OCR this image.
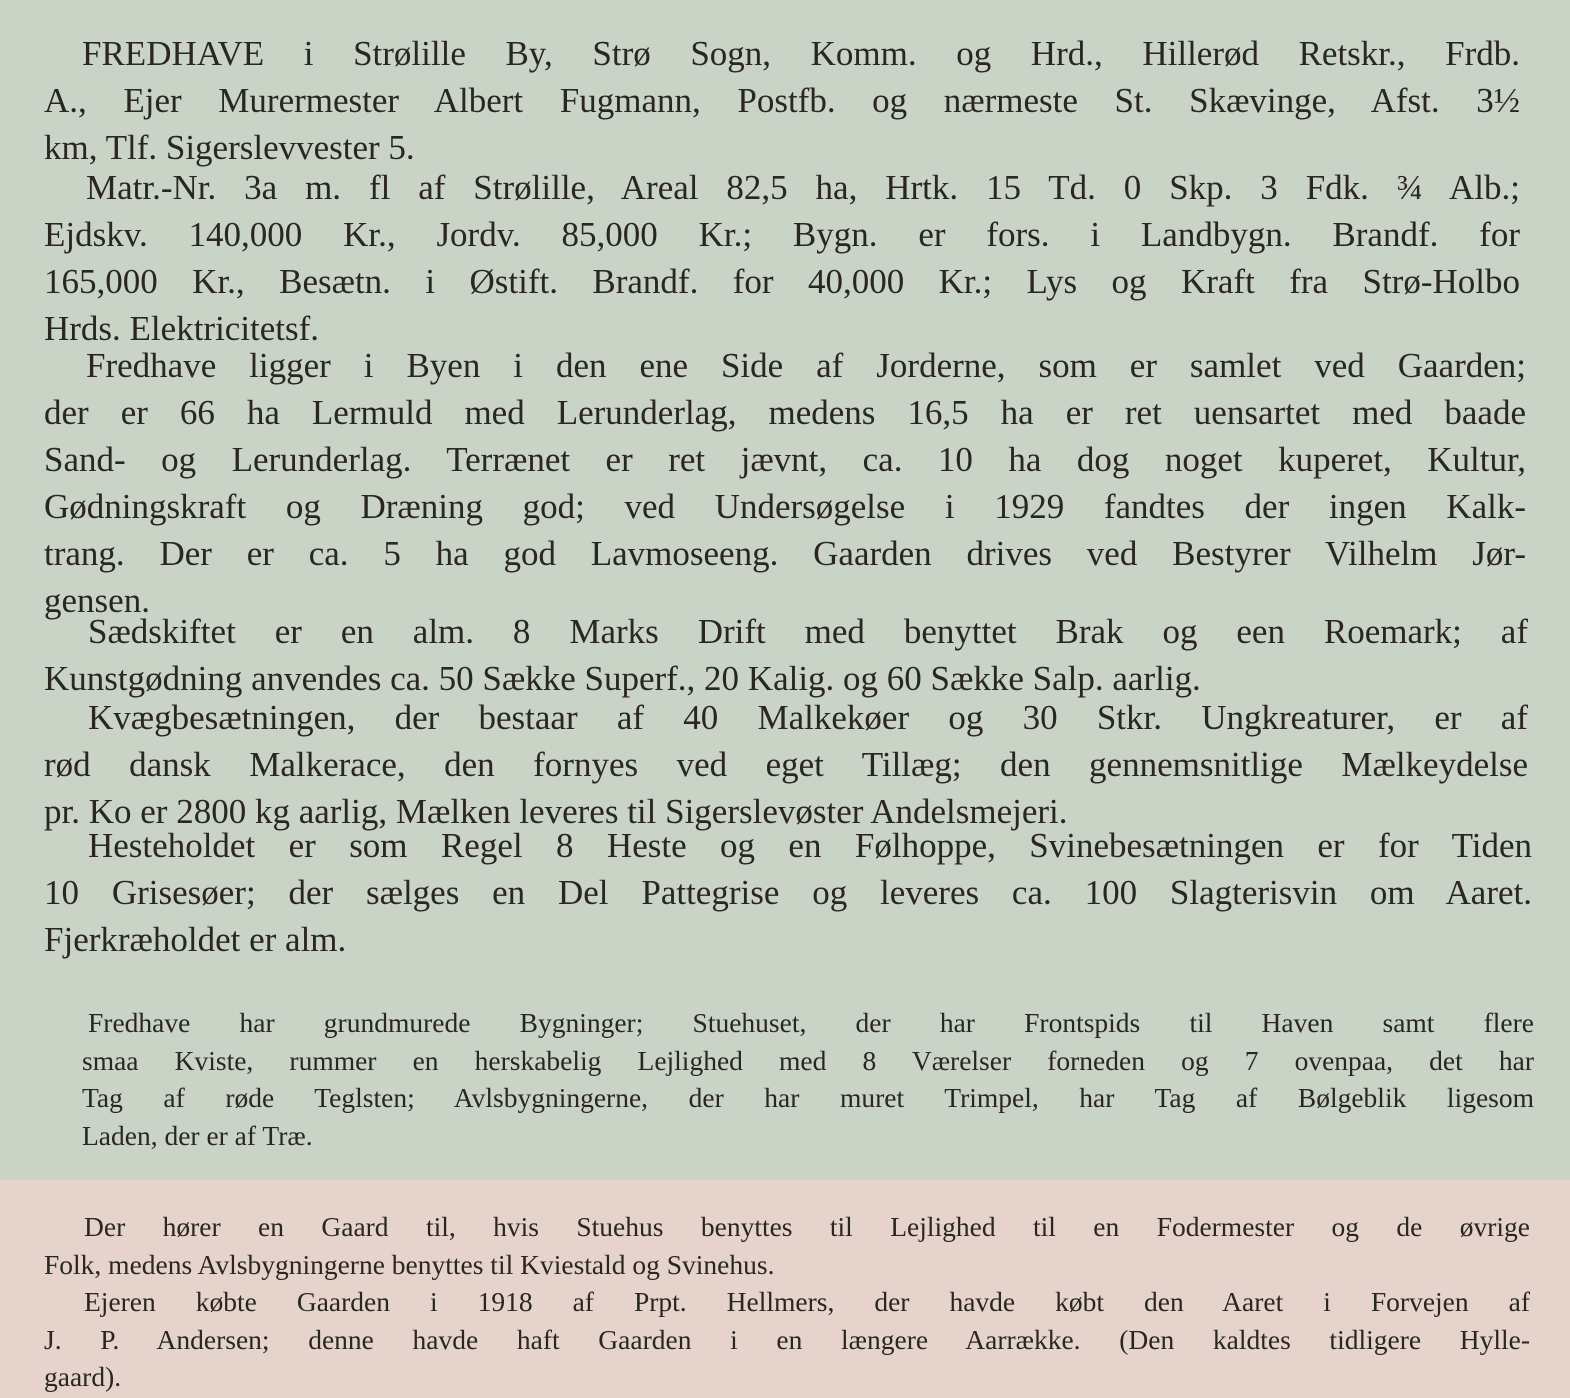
FREDHAVE i Strølille By, Strø Sogn, Komm. og Hrd., Hillerød Retskr., Frdb.
A., Ejer Murermester Albert Fugmann, Postfb. og nærmeste St. Skævinge, Afst. 3½
km, Tlf. Sigerslevvester 5.
Matr.-Nr. 3a m. fl af Strølille, Areal 82,5 ha, Hrtk. 15 Td. 0 Skp. 3 Fdk. ¾ Alb.;
Ejdskv. 140,000 Kr., Jordv. 85,000 Kr.; Bygn. er fors. i Landbygn. Brandf. for
165,000 Kr., Besætn. i Østift. Brandf. for 40,000 Kr.; Lys og Kraft fra Strø-Holbo
Hrds. Elektricitetsf.
Fredhave ligger i Byen i den ene Side af Jorderne, som er samlet ved Gaarden;
der er 66 ha Lermuld med Lerunderlag, medens 16,5 ha er ret uensartet med baade
Sand- og Lerunderlag. Terrænet er ret jævnt, ca. 10 ha dog noget kuperet, Kultur,
Gødningskraft og Dræning god; ved Undersøgelse i 1929 fandtes der ingen Kalk-
trang. Der er ca. 5 ha god Lavmoseeng. Gaarden drives ved Bestyrer Vilhelm Jør-
gensen.
Sædskiftet er en alm. 8 Marks Drift med benyttet Brak og een Roemark; af
Kunstgødning anvendes ca. 50 Sække Superf., 20 Kalig. og 60 Sække Salp. aarlig.
Kvægbesætningen, der bestaar af 40 Malkekøer og 30 Stkr. Ungkreaturer, er af
rød dansk Malkerace, den fornyes ved eget Tillæg; den gennemsnitlige Mælkeydelse
pr. Ko er 2800 kg aarlig, Mælken leveres til Sigerslevøster Andelsmejeri.
Hesteholdet er som Regel 8 Heste og en Følhoppe, Svinebesætningen er for Tiden
10 Grisesøer; der sælges en Del Pattegrise og leveres ca. 100 Slagterisvin om Aaret.
Fjerkræholdet er alm.
Fredhave har grundmurede Bygninger; Stuehuset, der har Frontspids til Haven samt flere
smaa Kviste, rummer en herskabelig Lejlighed med 8 Værelser forneden og 7 ovenpaa, det har
Tag af røde Teglsten; Avlsbygningerne, der har muret Trimpel, har Tag af Bølgeblik ligesom
Laden, der er af Træ.
Der hører en Gaard til, hvis Stuehus benyttes til Lejlighed til en Fodermester og de øvrige
Folk, medens Avlsbygningerne benyttes til Kviestald og Svinehus.
Ejeren købte Gaarden i 1918 af Prpt. Hellmers, der havde købt den Aaret i Forvejen af
J. P. Andersen; denne havde haft Gaarden i en længere Aarrække. (Den kaldtes tidligere Hylle-
gaard).
